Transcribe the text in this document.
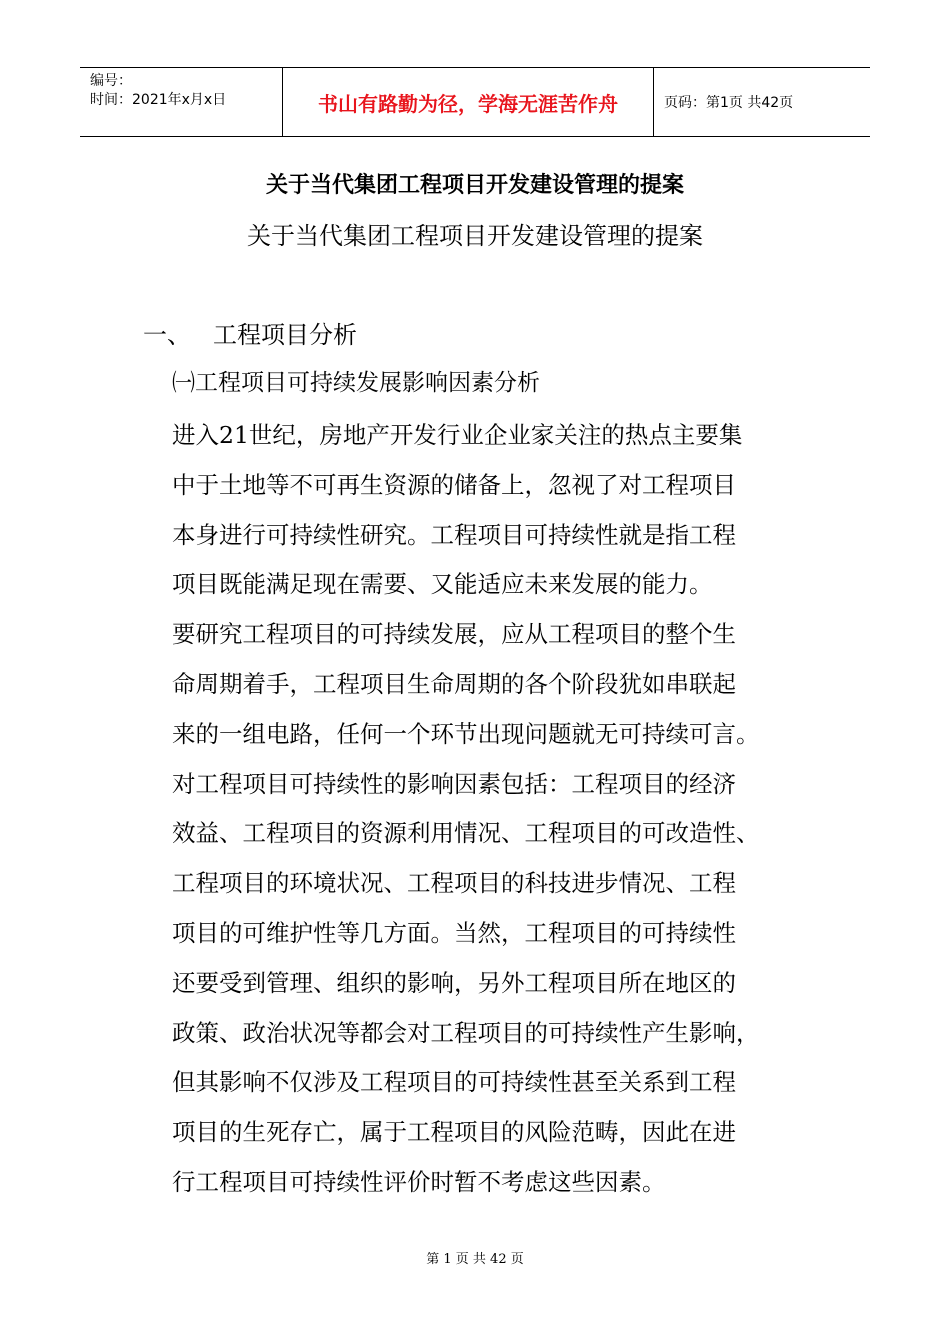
编号：
时间：2021年x月x日	书山有路勤为径，学海无涯苦作舟	页码：第1页 共42页
关于当代集团工程项目开发建设管理的提案
关于当代集团工程项目开发建设管理的提案
一、 工程项目分析
㈠工程项目可持续发展影响因素分析
进入21世纪，房地产开发行业企业家关注的热点主要集
中于土地等不可再生资源的储备上，忽视了对工程项目
本身进行可持续性研究。工程项目可持续性就是指工程
项目既能满足现在需要、又能适应未来发展的能力。
要研究工程项目的可持续发展，应从工程项目的整个生
命周期着手，工程项目生命周期的各个阶段犹如串联起
来的一组电路，任何一个环节出现问题就无可持续可言。
对工程项目可持续性的影响因素包括：工程项目的经济
效益、工程项目的资源利用情况、工程项目的可改造性、
工程项目的环境状况、工程项目的科技进步情况、工程
项目的可维护性等几方面。当然，工程项目的可持续性
还要受到管理、组织的影响，另外工程项目所在地区的
政策、政治状况等都会对工程项目的可持续性产生影响，
但其影响不仅涉及工程项目的可持续性甚至关系到工程
项目的生死存亡，属于工程项目的风险范畴，因此在进
行工程项目可持续性评价时暂不考虑这些因素。
第 1 页 共 42 页
